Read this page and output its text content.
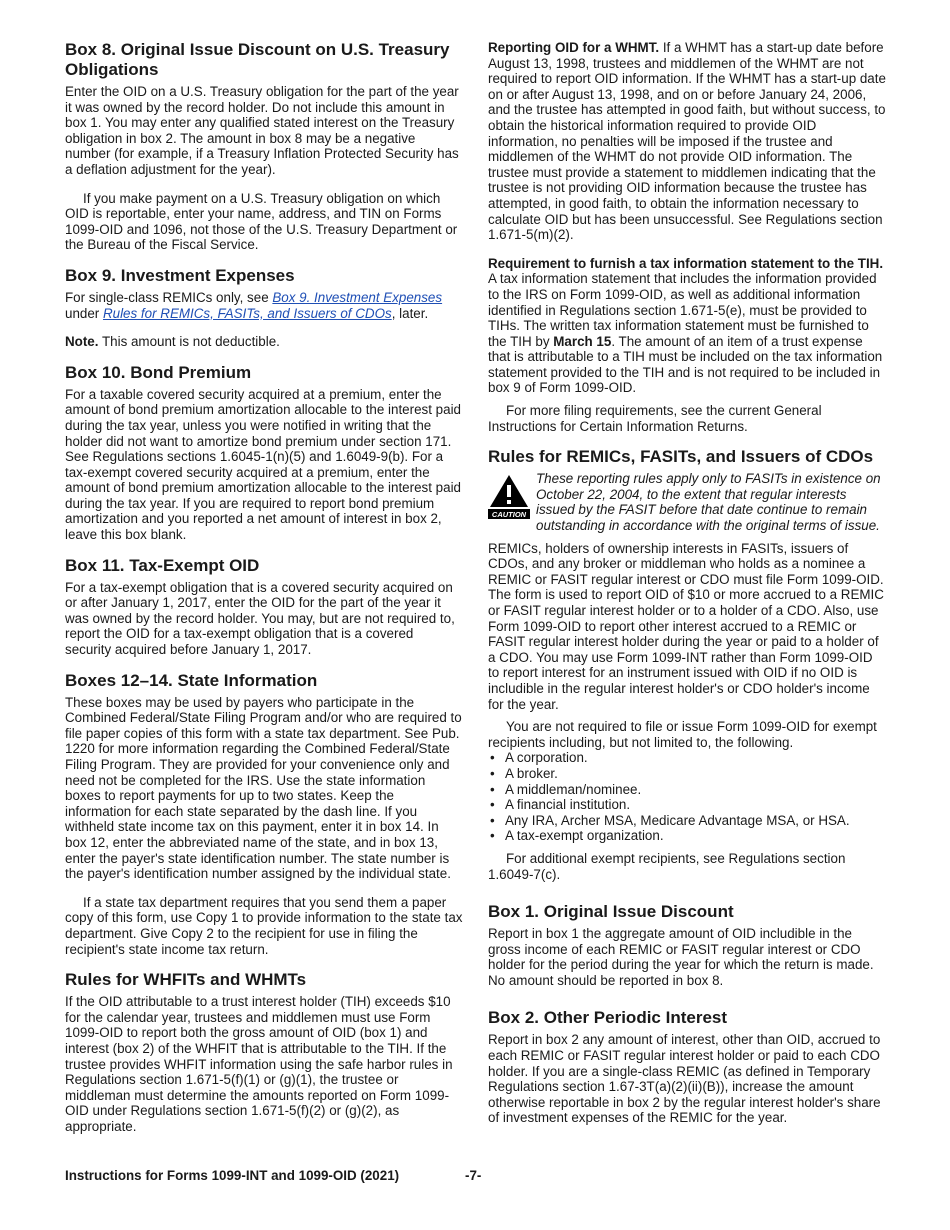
Box 8. Original Issue Discount on U.S. Treasury Obligations

Enter the OID on a U.S. Treasury obligation for the part of the year it was owned by the record holder. Do not include this amount in box 1. You may enter any qualified stated interest on the Treasury obligation in box 2. The amount in box 8 may be a negative number (for example, if a Treasury Inflation Protected Security has a deflation adjustment for the year).

If you make payment on a U.S. Treasury obligation on which OID is reportable, enter your name, address, and TIN on Forms 1099-OID and 1096, not those of the U.S. Treasury Department or the Bureau of the Fiscal Service.

Box 9. Investment Expenses

For single-class REMICs only, see Box 9. Investment Expenses under Rules for REMICs, FASITs, and Issuers of CDOs, later.

Note. This amount is not deductible.

Box 10. Bond Premium

For a taxable covered security acquired at a premium, enter the amount of bond premium amortization allocable to the interest paid during the tax year, unless you were notified in writing that the holder did not want to amortize bond premium under section 171. See Regulations sections 1.6045-1(n)(5) and 1.6049-9(b). For a tax-exempt covered security acquired at a premium, enter the amount of bond premium amortization allocable to the interest paid during the tax year. If you are required to report bond premium amortization and you reported a net amount of interest in box 2, leave this box blank.

Box 11. Tax-Exempt OID

For a tax-exempt obligation that is a covered security acquired on or after January 1, 2017, enter the OID for the part of the year it was owned by the record holder. You may, but are not required to, report the OID for a tax-exempt obligation that is a covered security acquired before January 1, 2017.

Boxes 12–14. State Information

These boxes may be used by payers who participate in the Combined Federal/State Filing Program and/or who are required to file paper copies of this form with a state tax department. See Pub. 1220 for more information regarding the Combined Federal/State Filing Program. They are provided for your convenience only and need not be completed for the IRS. Use the state information boxes to report payments for up to two states. Keep the information for each state separated by the dash line. If you withheld state income tax on this payment, enter it in box 14. In box 12, enter the abbreviated name of the state, and in box 13, enter the payer's state identification number. The state number is the payer's identification number assigned by the individual state.

If a state tax department requires that you send them a paper copy of this form, use Copy 1 to provide information to the state tax department. Give Copy 2 to the recipient for use in filing the recipient's state income tax return.

Rules for WHFITs and WHMTs

If the OID attributable to a trust interest holder (TIH) exceeds $10 for the calendar year, trustees and middlemen must use Form 1099-OID to report both the gross amount of OID (box 1) and interest (box 2) of the WHFIT that is attributable to the TIH. If the trustee provides WHFIT information using the safe harbor rules in Regulations section 1.671-5(f)(1) or (g)(1), the trustee or middleman must determine the amounts reported on Form 1099-OID under Regulations section 1.671-5(f)(2) or (g)(2), as appropriate.

Reporting OID for a WHMT. If a WHMT has a start-up date before August 13, 1998, trustees and middlemen of the WHMT are not required to report OID information. If the WHMT has a start-up date on or after August 13, 1998, and on or before January 24, 2006, and the trustee has attempted in good faith, but without success, to obtain the historical information required to provide OID information, no penalties will be imposed if the trustee and middlemen of the WHMT do not provide OID information. The trustee must provide a statement to middlemen indicating that the trustee is not providing OID information because the trustee has attempted, in good faith, to obtain the information necessary to calculate OID but has been unsuccessful. See Regulations section 1.671-5(m)(2).

Requirement to furnish a tax information statement to the TIH. A tax information statement that includes the information provided to the IRS on Form 1099-OID, as well as additional information identified in Regulations section 1.671-5(e), must be provided to TIHs. The written tax information statement must be furnished to the TIH by March 15. The amount of an item of a trust expense that is attributable to a TIH must be included on the tax information statement provided to the TIH and is not required to be included in box 9 of Form 1099-OID.

For more filing requirements, see the current General Instructions for Certain Information Returns.

Rules for REMICs, FASITs, and Issuers of CDOs
CAUTION

These reporting rules apply only to FASITs in existence on October 22, 2004, to the extent that regular interests issued by the FASIT before that date continue to remain outstanding in accordance with the original terms of issue.

REMICs, holders of ownership interests in FASITs, issuers of CDOs, and any broker or middleman who holds as a nominee a REMIC or FASIT regular interest or CDO must file Form 1099-OID. The form is used to report OID of $10 or more accrued to a REMIC or FASIT regular interest holder or to a holder of a CDO. Also, use Form 1099-OID to report other interest accrued to a REMIC or FASIT regular interest holder during the year or paid to a holder of a CDO. You may use Form 1099-INT rather than Form 1099-OID to report interest for an instrument issued with OID if no OID is includible in the regular interest holder's or CDO holder's income for the year.

You are not required to file or issue Form 1099-OID for exempt recipients including, but not limited to, the following.

• A corporation.
• A broker.
• A middleman/nominee.
• A financial institution.
• Any IRA, Archer MSA, Medicare Advantage MSA, or HSA.
• A tax-exempt organization.

For additional exempt recipients, see Regulations section 1.6049-7(c).

Box 1. Original Issue Discount

Report in box 1 the aggregate amount of OID includible in the gross income of each REMIC or FASIT regular interest or CDO holder for the period during the year for which the return is made. No amount should be reported in box 8.

Box 2. Other Periodic Interest

Report in box 2 any amount of interest, other than OID, accrued to each REMIC or FASIT regular interest holder or paid to each CDO holder. If you are a single-class REMIC (as defined in Temporary Regulations section 1.67-3T(a)(2)(ii)(B)), increase the amount otherwise reportable in box 2 by the regular interest holder's share of investment expenses of the REMIC for the year.

Instructions for Forms 1099-INT and 1099-OID (2021)	-7-
